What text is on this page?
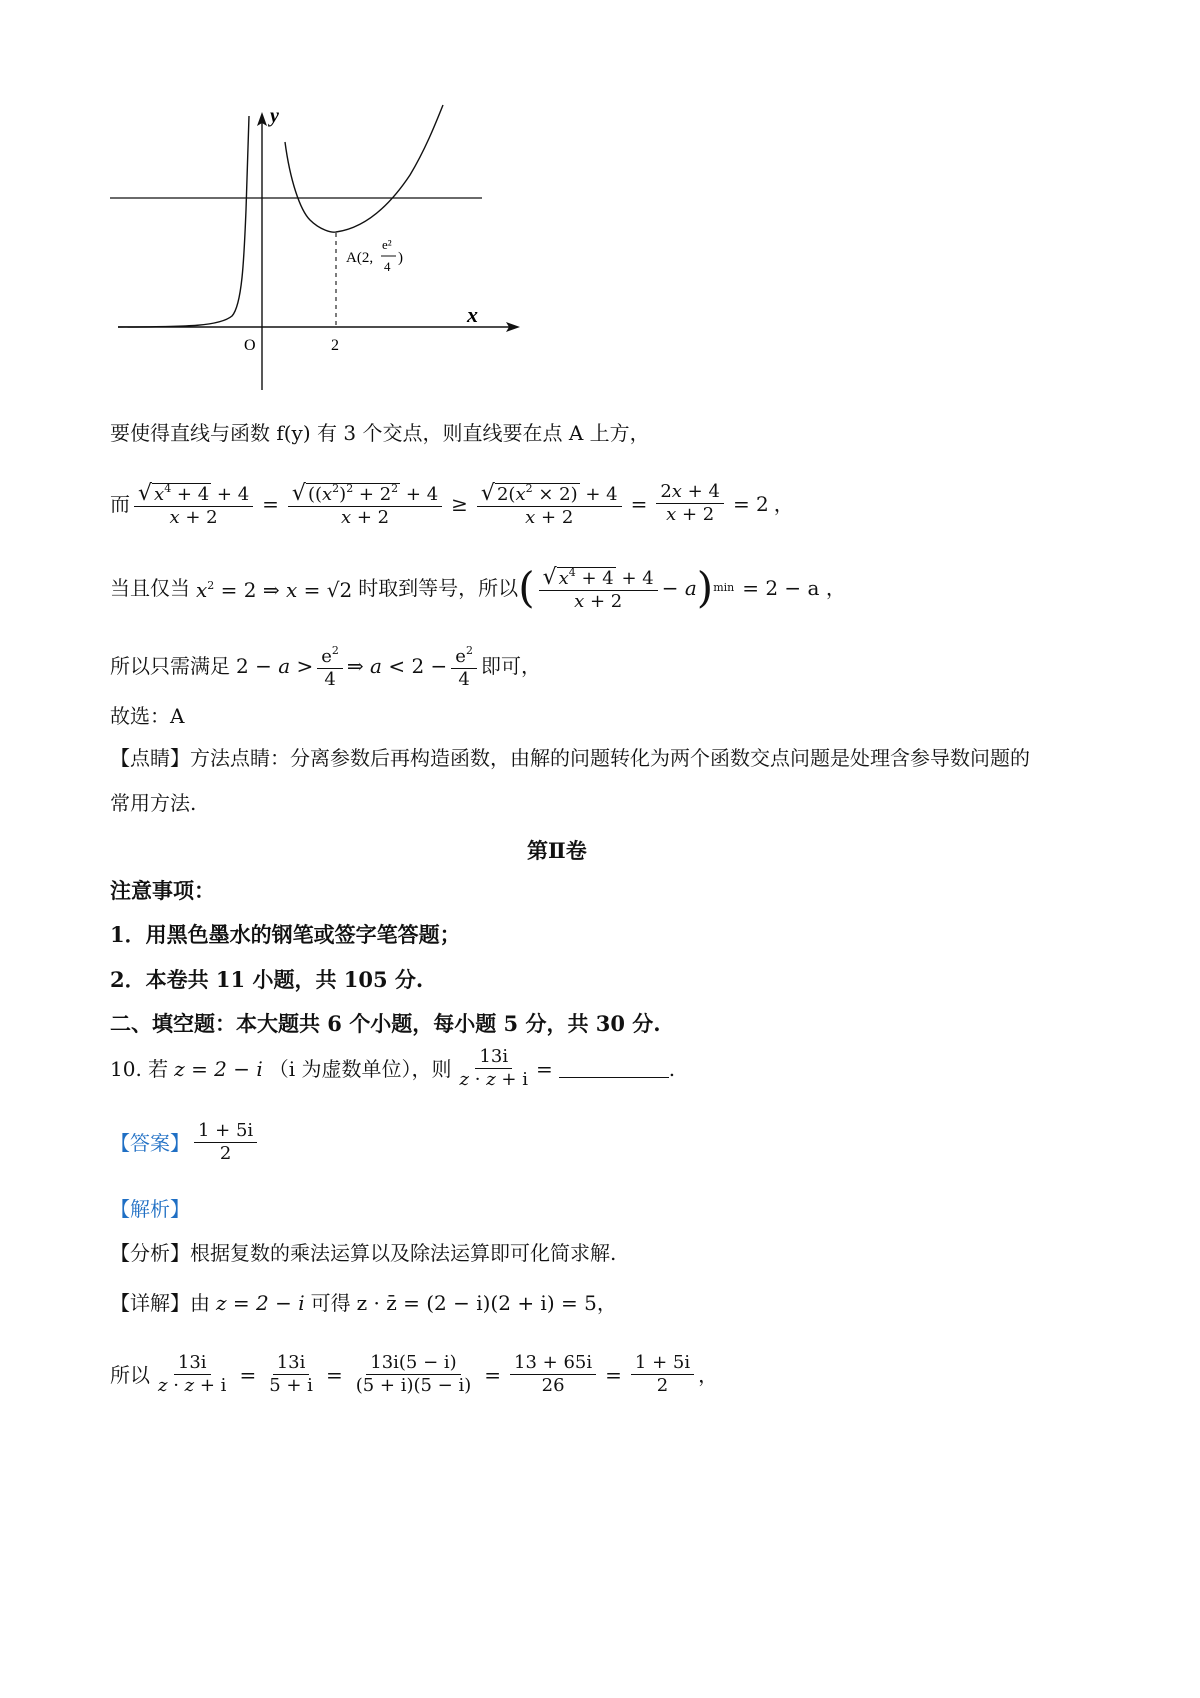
y
x
O	2
A(2,
e²
4
)
要使得直线与函数 f(y) 有 3 个交点，则直线要在点 A 上方，
而 $\frac{√ x^4 + 4 + 4}{x + 2} = \frac{√ ((x^2)^2 + 2^2 + 4}{x + 2} \ge \frac{√ 2(x^2 \times 2) + 4}{x + 2} = \frac{2x + 4}{x + 2} = 2$ ，
当且仅当 $x^2 = 2$ ⇒ x = √2 时取到等号，所以 ( $\frac{√ x^4 + 4 + 4}{x + 2} - a$ ) min = 2 − a ，
所以只需满足 $2 - a > \frac{e^2}{4}$ ⇒ $a < 2 - \frac{e^2}{4}$ 即可，
故选：A
【点睛】方法点睛：分离参数后再构造函数，由解的问题转化为两个函数交点问题是处理含参导数问题的
常用方法.
第Ⅱ卷
注意事项：
1．用黑色墨水的钢笔或签字笔答题；
2．本卷共 11 小题，共 105 分.
二、填空题：本大题共 6 个小题，每小题 5 分，共 30 分.
10. 若 z = 2 − i （i 为虚数单位），则 $\frac{13i}{z \cdot \overline{z} + i}$ =	.
【答案】 $\frac{1 + 5i}{2}$
【解析】
【分析】根据复数的乘法运算以及除法运算即可化简求解.
【详解】由 z = 2 − i 可得 z · z̄ = (2 − i)(2 + i) = 5 ，
所以 $\frac{13i}{z \cdot \overline{z} + i} = \frac{13i}{5 + i} = \frac{13i(5 - i)}{(5 + i)(5 - i)} = \frac{13 + 65i}{26} = \frac{1 + 5i}{2}$ ，
